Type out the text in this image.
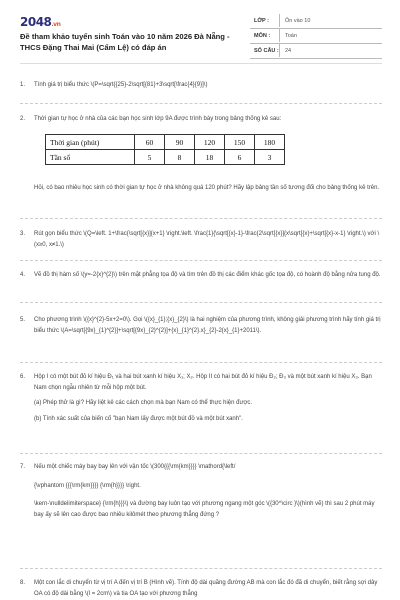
2048.vn
Đề tham khảo tuyển sinh Toán vào 10 năm 2026 Đà Nẵng - THCS Đặng Thai Mai (Cẩm Lệ) có đáp án
LỚP :	Ôn vào 10
MÔN :	Toán
SỐ CÂU : 24
1. Tính giá trị biểu thức \(P=\sqrt{{25}-2\sqrt[{81}+3\sqrt[\frac{4}{9}]\)

2. Thời gian tự học ở nhà của các bạn học sinh lớp 9A được trình bày trong bảng thống kê sau:

Thời gian (phút)	60	90	120	150	180
Tần số	5	8	18	6	3

Hỏi, có bao nhiêu học sinh có thời gian tự học ở nhà không quá 120 phút? Hãy lập bảng tần số tương đối cho bảng thống kê trên.

3. Rút gọn biểu thức \(Q=\left. 1+\frac{\sqrt[{x}]{x+1} \right.\left. \frac{1}{\sqrt[{x}-1}-\frac{2\sqrt[{x}]{x\sqrt[{x}+\sqrt[{x}-x-1} \right.\) với \(x≥0, x≠1.\)

4. Vẽ đồ thị hàm số \(y=-2{x}^{2}\) trên mặt phẳng tọa độ và tìm trên đồ thị các điểm khác gốc tọa độ, có hoành độ bằng nửa tung độ.

5. Cho phương trình \({x}^{2}-5x+2=0\). Gọi \({x}_{1};{x}_{2}\) là hai nghiệm của phương trình, không giải phương trình hãy tính giá trị biểu thức \(A=\sqrt[{9x}_{1}^{2}]+\sqrt[{9x}_{2}^{2}]+{x}_{1}^{2}.x}_{2}-2{x}_{1}+2011\).

6. Hộp I có một bút đỏ kí hiệu Đ₁ và hai bút xanh kí hiệu X₁; X₂. Hộp II có hai bút đỏ kí hiệu Đ₂; Đ₃ và một bút xanh kí hiệu X₃. Bạn Nam chọn ngẫu nhiên từ mỗi hộp một bút.

(a) Phép thử là gì? Hãy liệt kê các cách chọn mà bạn Nam có thể thực hiện được.

(b) Tính xác suất của biến cố "bạn Nam lấy được một bút đỏ và một bút xanh".

7. Nếu một chiếc máy bay bay lên với vận tốc \(300{{{\rm{km}}}} \mathord{\left/

{\vphantom {{{\rm{km}}}} {\rm{h}}}} \right.

\kern-\nulldelimiterspace} {\rm{h}}}\) và đường bay luôn tạo với phương ngang một góc \({30^\circ }\)(hình vẽ) thì sau 2 phút máy bay ấy sẽ lên cao được bao nhiêu kilômét theo phương thẳng đứng ?

8. Một con lắc di chuyển từ vị trí A đến vị trí B (Hình vẽ). Tính độ dài quãng đường AB mà con lắc đó đã di chuyển, biết rằng sợi dây OA có độ dài bằng \(l = 2cm\) và tia OA tạo với phương thẳng
